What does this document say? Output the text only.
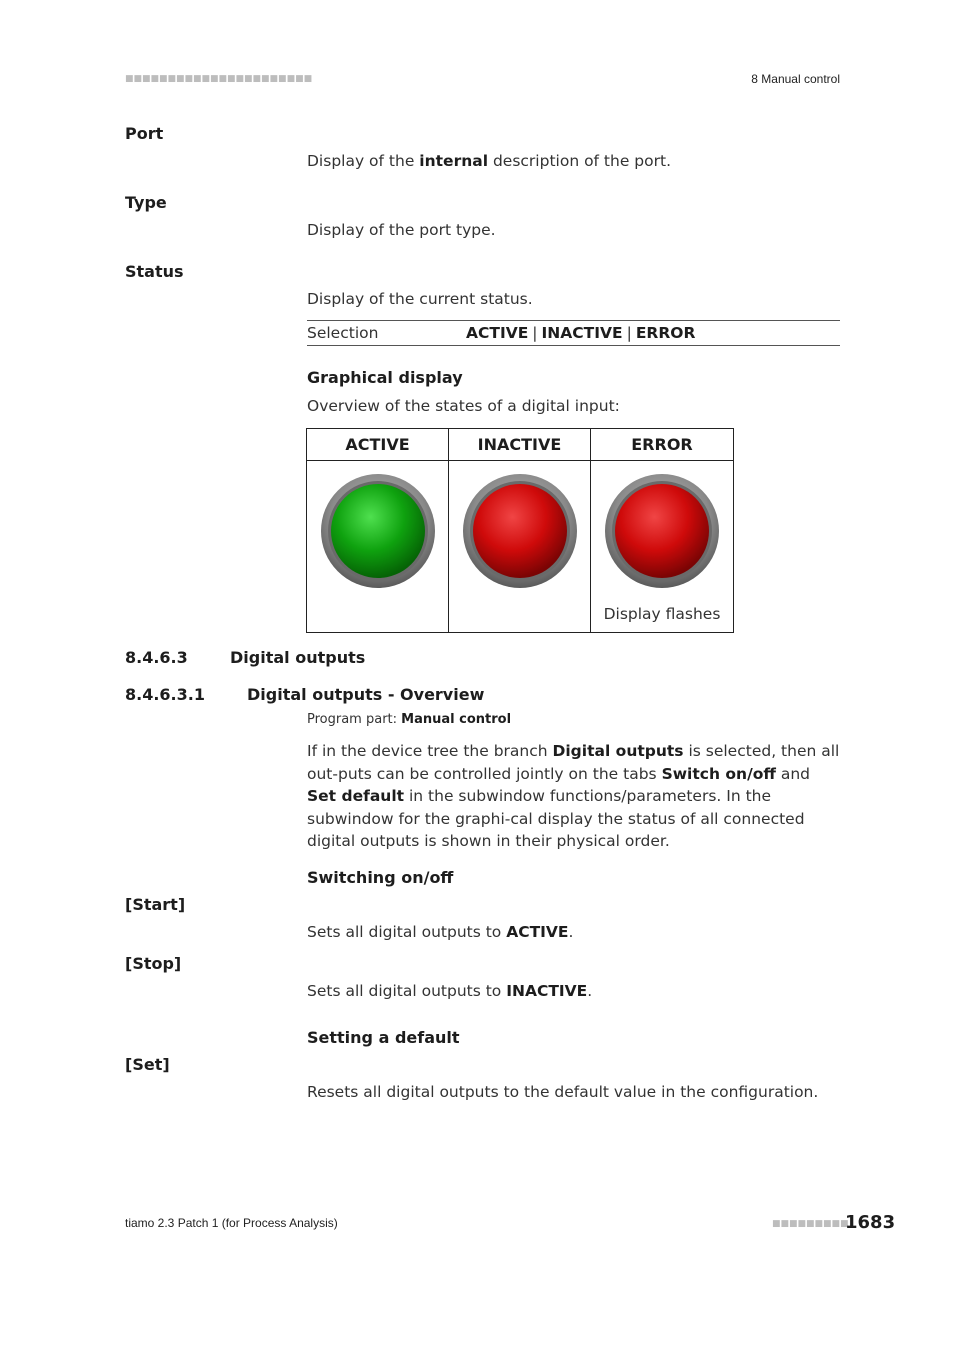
■■■■■■■■■■■■■■■■■■■■■■	8 Manual control
Port
Display of the internal description of the port.
Type
Display of the port type.
Status
Display of the current status.
Selection	ACTIVE | INACTIVE | ERROR
Graphical display
Overview of the states of a digital input:
ACTIVE	INACTIVE	ERROR
Display flashes
8.4.6.3	Digital outputs
8.4.6.3.1	Digital outputs - Overview
Program part: Manual control
If in the device tree the branch Digital outputs is selected, then all out-puts can be controlled jointly on the tabs Switch on/off and Set default in the subwindow functions/parameters. In the subwindow for the graphi-cal display the status of all connected digital outputs is shown in their physical order.
Switching on/off
[Start]
Sets all digital outputs to ACTIVE.
[Stop]
Sets all digital outputs to INACTIVE.
Setting a default
[Set]
Resets all digital outputs to the default value in the configuration.
tiamo 2.3 Patch 1 (for Process Analysis)	■■■■■■■■■
1683
